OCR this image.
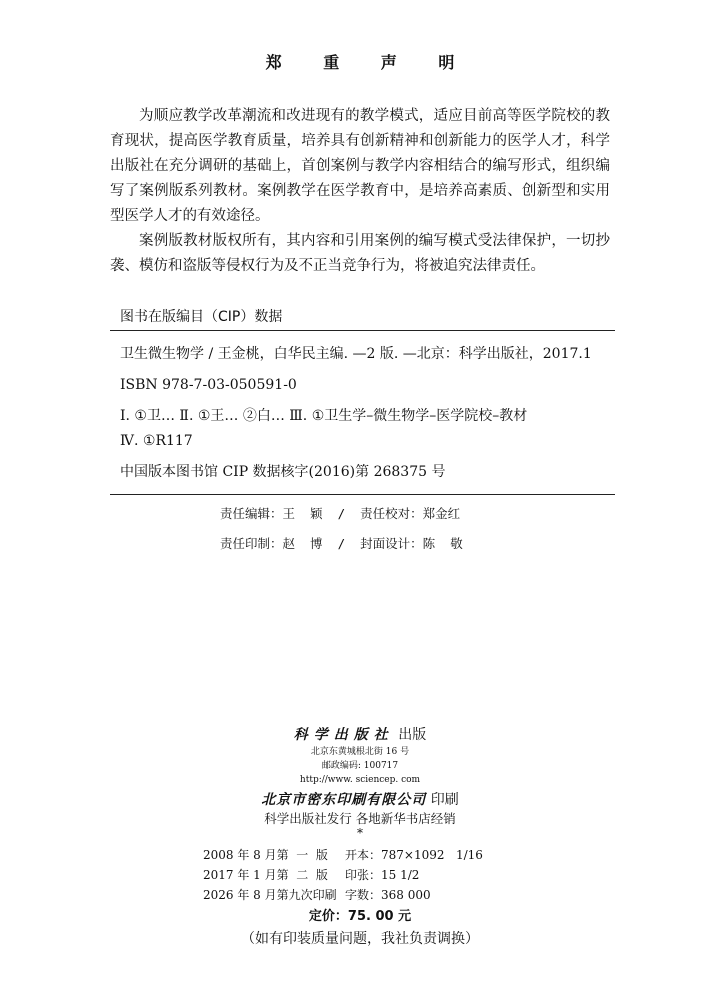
郑 重 声 明

为顺应教学改革潮流和改进现有的教学模式，适应目前高等医学院校的教育现状，提高医学教育质量，培养具有创新精神和创新能力的医学人才，科学出版社在充分调研的基础上，首创案例与教学内容相结合的编写形式，组织编写了案例版系列教材。案例教学在医学教育中，是培养高素质、创新型和实用型医学人才的有效途径。

案例版教材版权所有，其内容和引用案例的编写模式受法律保护，一切抄袭、模仿和盗版等侵权行为及不正当竞争行为，将被追究法律责任。

图书在版编目（CIP）数据
卫生微生物学 / 王金桃，白华民主编. —2 版. —北京：科学出版社，2017.1
ISBN 978-7-03-050591-0
Ⅰ. ①卫… Ⅱ. ①王… ②白… Ⅲ. ①卫生学–微生物学–医学院校–教材
Ⅳ. ①R117
中国版本图书馆 CIP 数据核字(2016)第 268375 号
责任编辑：王  颖  /  责任校对：郑金红
责任印制：赵  博  /  封面设计：陈  敬
科学出版社 出版
北京东黄城根北街 16 号
邮政编码: 100717
http://www. sciencep. com
北京市密东印刷有限公司 印刷
科学出版社发行 各地新华书店经销
*
2008 年 8 月第  一  版 开本：787×1092   1/16
2017 年 1 月第  二  版 印张：15 1/2
2026 年 8 月第九次印刷 字数：368 000
定价：75. 00 元
（如有印装质量问题，我社负责调换）
